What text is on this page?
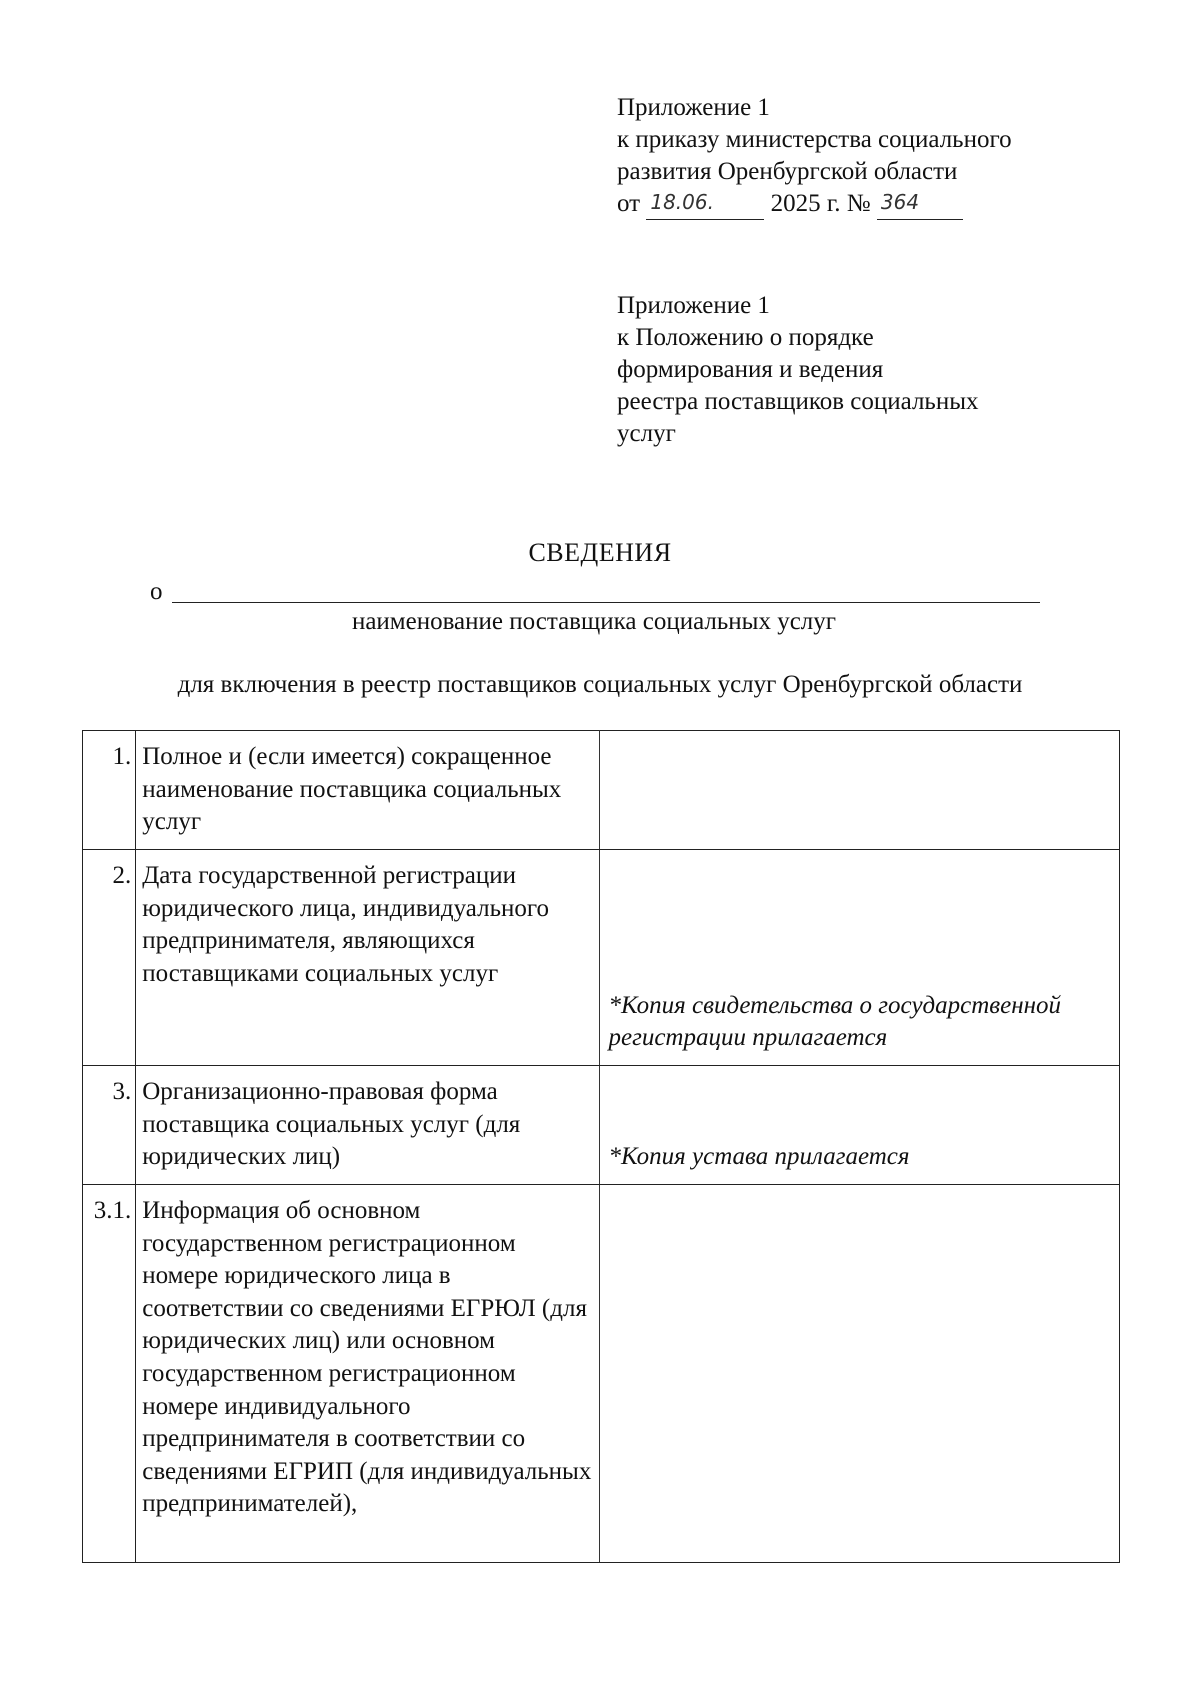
Приложение 1
к приказу министерства социального
развития Оренбургской области
от 18.06. 2025 г. № 364
Приложение 1
к Положению о порядке
формирования и ведения
реестра поставщиков социальных
услуг
СВЕДЕНИЯ
о
наименование поставщика социальных услуг
для включения в реестр поставщиков социальных услуг Оренбургской области
1.	Полное и (если имеется) сокращенное наименование поставщика социальных услуг	
2.	Дата государственной регистрации юридического лица, индивидуального предпринимателя, являющихся поставщиками социальных услуг	*Копия свидетельства о государственной регистрации прилагается
3.	Организационно-правовая форма поставщика социальных услуг (для юридических лиц)	*Копия устава прилагается
3.1.	Информация об основном государственном регистрационном номере юридического лица в соответствии со сведениями ЕГРЮЛ (для юридических лиц) или основном государственном регистрационном номере индивидуального предпринимателя в соответствии со сведениями ЕГРИП (для индивидуальных предпринимателей),	
